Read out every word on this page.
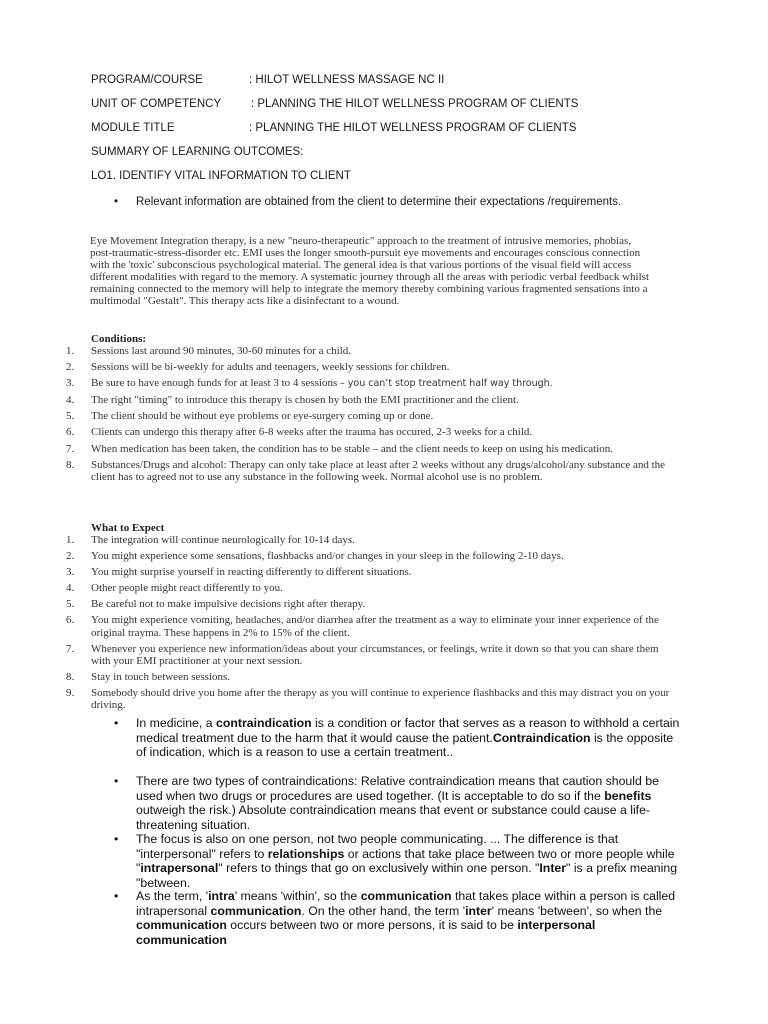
PROGRAM/COURSE	: HILOT WELLNESS MASSAGE NC II
UNIT OF COMPETENCY	: PLANNING THE HILOT WELLNESS PROGRAM OF CLIENTS
MODULE TITLE	: PLANNING THE HILOT WELLNESS PROGRAM OF CLIENTS
SUMMARY OF LEARNING OUTCOMES:
LO1. IDENTIFY VITAL INFORMATION TO CLIENT
• Relevant information are obtained from the client to determine their expectations /requirements.
Eye Movement Integration therapy, is a new "neuro-therapeutic" approach to the treatment of intrusive memories, phobias, post-traumatic-stress-disorder etc. EMI uses the longer smooth-pursuit eye movements and encourages conscious connection with the 'toxic' subconscious psychological material. The general idea is that various portions of the visual field will access different modalities with regard to the memory. A systematic journey through all the areas with periodic verbal feedback whilst remaining connected to the memory will help to integrate the memory thereby combining various fragmented sensations into a multimodal "Gestalt". This therapy acts like a disinfectant to a wound.
Conditions:
1. Sessions last around 90 minutes, 30-60 minutes for a child.
2. Sessions will be bi-weekly for adults and teenagers, weekly sessions for children.
3. Be sure to have enough funds for at least 3 to 4 sessions – you can’t stop treatment half way through.
4. The right "timing" to introduce this therapy is chosen by both the EMI practitioner and the client.
5. The client should be without eye problems or eye-surgery coming up or done.
6. Clients can undergo this therapy after 6-8 weeks after the trauma has occured, 2-3 weeks for a child.
7. When medication has been taken, the condition has to be stable – and the client needs to keep on using his medication.
8. Substances/Drugs and alcohol: Therapy can only take place at least after 2 weeks without any drugs/alcohol/any substance and the client has to agreed not to use any substance in the following week. Normal alcohol use is no problem.
What to Expect
1. The integration will continue neurologically for 10-14 days.
2. You might experience some sensations, flashbacks and/or changes in your sleep in the following 2-10 days.
3. You might surprise yourself in reacting differently to different situations.
4. Other people might react differently to you.
5. Be careful not to make impulsive decisions right after therapy.
6. You might experience vomiting, headaches, and/or diarrhea after the treatment as a way to eliminate your inner experience of the original trayma. These happens in 2% to 15% of the client.
7. Whenever you experience new information/ideas about your circumstances, or feelings, write it down so that you can share them with your EMI practitioner at your next session.
8. Stay in touch between sessions.
9. Somebody should drive you home after the therapy as you will continue to experience flashbacks and this may distract you on your driving.
• In medicine, a contraindication is a condition or factor that serves as a reason to withhold a certain medical treatment due to the harm that it would cause the patient.Contraindication is the opposite of indication, which is a reason to use a certain treatment..
• There are two types of contraindications: Relative contraindication means that caution should be used when two drugs or procedures are used together. (It is acceptable to do so if the benefits outweigh the risk.) Absolute contraindication means that event or substance could cause a life-threatening situation.
• The focus is also on one person, not two people communicating. ... The difference is that "interpersonal" refers to relationships or actions that take place between two or more people while "intrapersonal" refers to things that go on exclusively within one person. "Inter" is a prefix meaning "between.
• As the term, 'intra' means 'within', so the communication that takes place within a person is called intrapersonal communication. On the other hand, the term 'inter' means 'between', so when the communication occurs between two or more persons, it is said to be interpersonal communication
